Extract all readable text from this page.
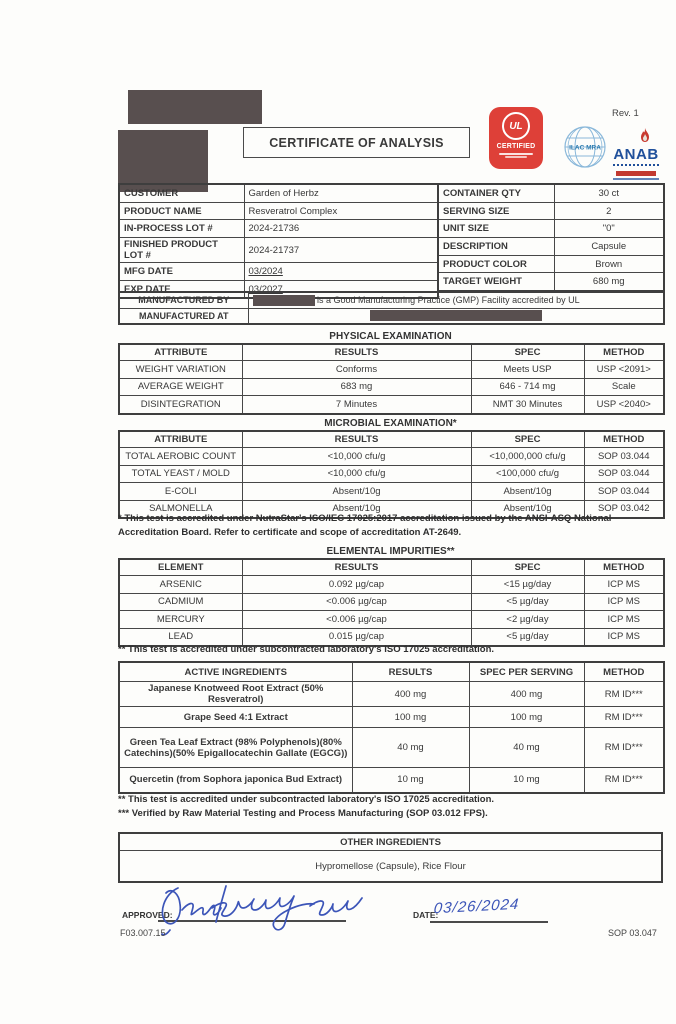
CERTIFICATE OF ANALYSIS
Rev. 1
UL
CERTIFIED	ILAC MRA ANAB
CUSTOMER	Garden of Herbz
PRODUCT NAME	Resveratrol Complex
IN-PROCESS LOT #	2024-21736
FINISHED PRODUCT LOT #	2024-21737
MFG DATE	03/2024
EXP DATE	03/2027
CONTAINER QTY	30 ct
SERVING SIZE	2
UNIT SIZE	"0"
DESCRIPTION	Capsule
PRODUCT COLOR	Brown
TARGET WEIGHT	680 mg
MANUFACTURED BY	is a Good Manufacturing Practice (GMP) Facility accredited by UL
MANUFACTURED AT	
PHYSICAL EXAMINATION
ATTRIBUTE	RESULTS	SPEC	METHOD
WEIGHT VARIATION	Conforms	Meets USP	USP <2091>
AVERAGE WEIGHT	683 mg	646 - 714 mg	Scale
DISINTEGRATION	7 Minutes	NMT 30 Minutes	USP <2040>
MICROBIAL EXAMINATION*
ATTRIBUTE	RESULTS	SPEC	METHOD
TOTAL AEROBIC COUNT	<10,000 cfu/g	<10,000,000 cfu/g	SOP 03.044
TOTAL YEAST / MOLD	<10,000 cfu/g	<100,000 cfu/g	SOP 03.044
E-COLI	Absent/10g	Absent/10g	SOP 03.044
SALMONELLA	Absent/10g	Absent/10g	SOP 03.042
* This test is accredited under NutraStar's ISO/IEC 17025:2017 accreditation issued by the ANSI-ASQ National Accreditation Board. Refer to certificate and scope of accreditation AT-2649.
ELEMENTAL IMPURITIES**
ELEMENT	RESULTS	SPEC	METHOD
ARSENIC	0.092 µg/cap	<15 µg/day	ICP MS
CADMIUM	<0.006 µg/cap	<5 µg/day	ICP MS
MERCURY	<0.006 µg/cap	<2 µg/day	ICP MS
LEAD	0.015 µg/cap	<5 µg/day	ICP MS
** This test is accredited under subcontracted laboratory's ISO 17025 accreditation.
ACTIVE INGREDIENTS	RESULTS	SPEC PER SERVING	METHOD
Japanese Knotweed Root Extract (50% Resveratrol)	400 mg	400 mg	RM ID***
Grape Seed 4:1 Extract	100 mg	100 mg	RM ID***
Green Tea Leaf Extract (98% Polyphenols)(80% Catechins)(50% Epigallocatechin Gallate (EGCG))	40 mg	40 mg	RM ID***
Quercetin (from Sophora japonica Bud Extract)	10 mg	10 mg	RM ID***
** This test is accredited under subcontracted laboratory's ISO 17025 accreditation.
*** Verified by Raw Material Testing and Process Manufacturing (SOP 03.012 FPS).
OTHER INGREDIENTS
Hypromellose (Capsule), Rice Flour
APPROVED:	DATE:
03/26/2024
F03.007.15	SOP 03.047
